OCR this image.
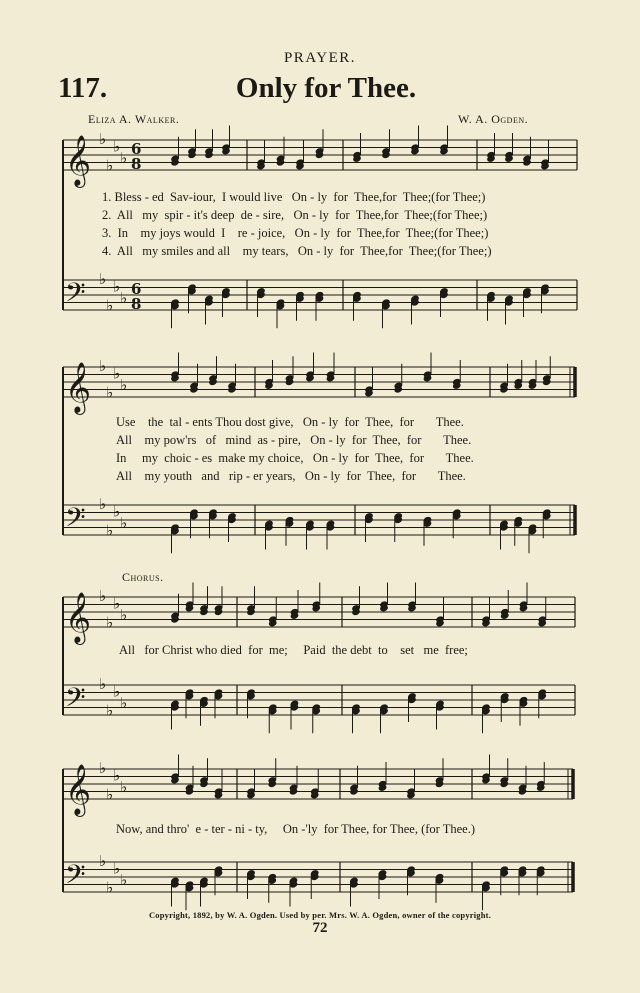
PRAYER.
117.	Only for Thee.
Eliza A. Walker.	W. A. Ogden.
𝄞 ♭
♭
♭
♭ 6
8
𝄢 ♭
♭
♭
♭ 6
8
𝄞 ♭
♭
♭
♭
𝄢 ♭
♭
♭
♭
𝄞 ♭
♭
♭
♭
𝄢 ♭
♭
♭
♭
𝄞 ♭
♭
♭
♭
𝄢 ♭
♭
♭
♭
1. Bless - ed  Sav-iour,  I would live   On - ly  for  Thee,for  Thee;(for Thee;)
2.  All   my  spir - it's deep  de - sire,   On - ly  for  Thee,for  Thee;(for Thee;)
3.  In    my joys would  I    re - joice,   On - ly  for  Thee,for  Thee;(for Thee;)
4.  All   my smiles and all    my tears,   On - ly  for  Thee,for  Thee;(for Thee;)
Use    the  tal - ents Thou dost give,   On - ly  for  Thee,  for       Thee.
All    my pow'rs   of   mind  as - pire,   On - ly  for  Thee,  for       Thee.
In     my  choic - es  make my choice,   On - ly  for  Thee,  for       Thee.
All    my youth   and   rip - er years,   On - ly  for  Thee,  for       Thee.
Chorus.
All   for Christ who died  for  me;     Paid  the debt  to    set   me  free;
Now, and thro'  e - ter - ni - ty,     On -'ly  for Thee, for Thee, (for Thee.)
Copyright, 1892, by W. A. Ogden. Used by per. Mrs. W. A. Ogden, owner of the copyright.
72
